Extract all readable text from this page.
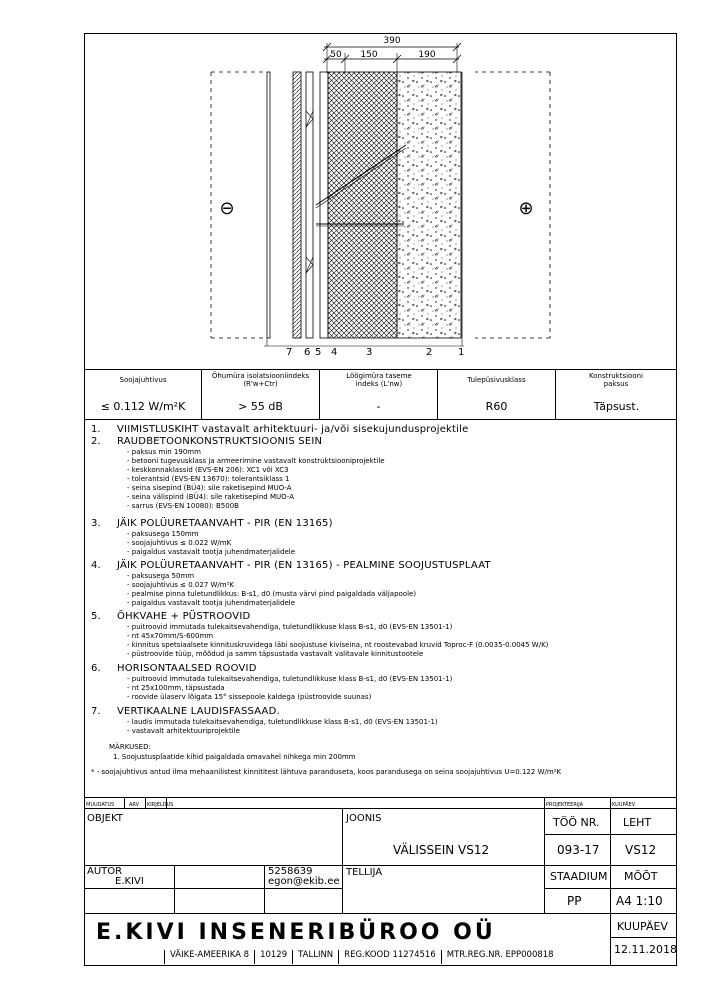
390
50 150	190
⊖	⊕
7 6 5 4	3	2	1
Soojajuhtivus
≤ 0.112 W/m²K
Õhumüra isolatsiooniindeks (R'w+Ctr)
> 55 dB
Löögimüra taseme indeks (L'nw)
-
Tulepüsivusklass
R60
Konstruktsiooni paksus
Täpsust.
1. VIIMISTLUSKIHT vastavalt arhitektuuri- ja/või sisekujundusprojektile
2. RAUDBETOONKONSTRUKTSIOONIS SEIN
- paksus min 190mm
- betooni tugevusklass ja armeerimine vastavalt konstruktsiooniprojektile
- keskkonnaklassid (EVS-EN 206): XC1 või XC3
- tolerantsid (EVS-EN 13670): tolerantsiklass 1
- seina sisepind (BÜ4): sile raketisepind MUO-A
- seina välispind (BÜ4): sile raketisepind MUO-A
- sarrus (EVS-EN 10080): B500B
3. JÄIK POLÜURETAANVAHT - PIR (EN 13165)
- paksusega 150mm
- soojajuhtivus ≤ 0.022 W/mK
- paigaldus vastavalt tootja juhendmaterjalidele
4. JÄIK POLÜURETAANVAHT - PIR (EN 13165) - PEALMINE SOOJUSTUSPLAAT
- paksusega 50mm
- soojajuhtivus ≤ 0.027 W/m²K
- pealmise pinna tuletundlikkus: B-s1, d0 (musta värvi pind paigaldada väljapoole)
- paigaldus vastavalt tootja juhendmaterjalidele
5. ÕHKVAHE + PÜSTROOVID
- puitroovid immutada tulekaitsevahendiga, tuletundlikkuse klass B-s1, d0 (EVS-EN 13501-1)
- nt 45x70mm/S-600mm
- kinnitus spetsiaalsete kinnituskruvidega läbi soojustuse kiviseina, nt roostevabad kruvid Toproc-F (0.0035-0.0045 W/K)
- püstroovide tüüp, mõõdud ja samm täpsustada vastavalt valitavale kinnitustootele
6. HORISONTAALSED ROOVID
- puitroovid immutada tulekaitsevahendiga, tuletundlikkuse klass B-s1, d0 (EVS-EN 13501-1)
- nt 25x100mm, täpsustada
- roovide ülaserv lõigata 15° sissepoole kaldega (püstroovide suunas)
7. VERTIKAALNE LAUDISFASSAAD.
- laudis immutada tulekaitsevahendiga, tuletundlikkuse klass B-s1, d0 (EVS-EN 13501-1)
- vastavalt arhitektuuriprojektile
MÄRKUSED:
1. Soojustusplaatide kihid paigaldada omavahel nihkega min 200mm
* - soojajuhtivus antud ilma mehaanilistest kinnititest lähtuva paranduseta, koos parandusega on seina soojajuhtivus U=0.122 W/m²K
MUUDATUS	ARV KIRJELDUS	PROJEKTEERIJA	KUUPÄEV
OBJEKT	JOONIS
VÄLISSEIN VS12
TÖÖ NR. LEHT
093-17 VS12
AUTOR
E.KIVI
5258639
egon@ekib.ee
TELLIJA	STAADIUM MÕÕT
PP	A4 1:10
KUUPÄEV
12.11.2018
E.KIVI INSENERIBÜROO OÜ
VÄIKE-AMEERIKA 8	10129	TALLINN	REG.KOOD 11274516	MTR.REG.NR. EPP000818
